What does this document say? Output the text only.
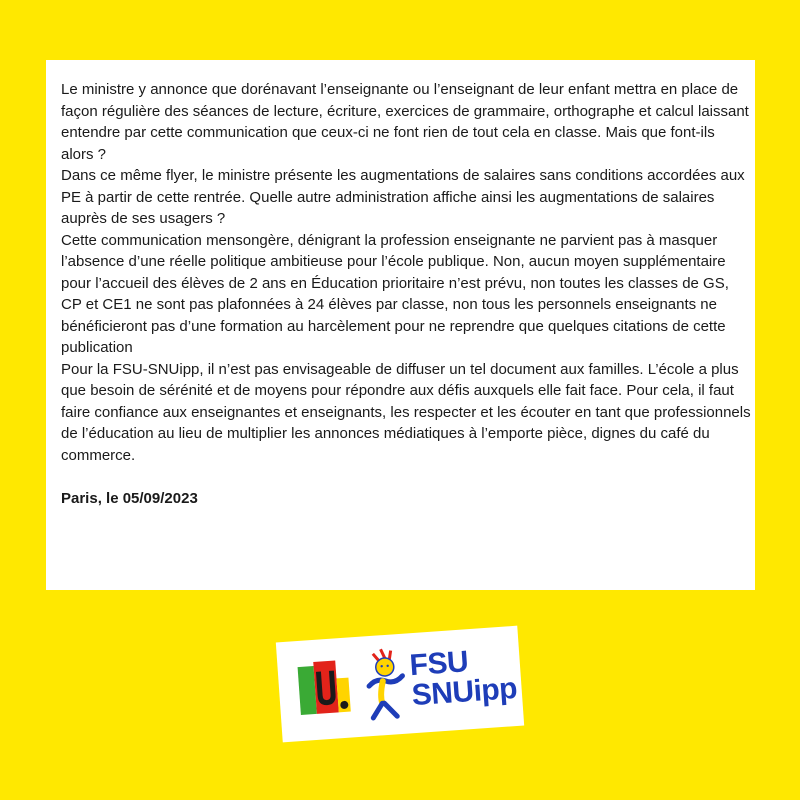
Le ministre y annonce que dorénavant l’enseignante ou l’enseignant de leur enfant mettra en place de façon régulière des séances de lecture, écriture, exercices de grammaire, orthographe et calcul laissant entendre par cette communication que ceux-ci ne font rien de tout cela en classe. Mais que font-ils alors ?

Dans ce même flyer, le ministre présente les augmentations de salaires sans conditions accordées aux PE à partir de cette rentrée. Quelle autre administration affiche ainsi les augmentations de salaires auprès de ses usagers ?

Cette communication mensongère, dénigrant la profession enseignante ne parvient pas à masquer l’absence d’une réelle politique ambitieuse pour l’école publique. Non, aucun moyen supplémentaire pour l’accueil des élèves de 2 ans en Éducation prioritaire n’est prévu, non toutes les classes de GS, CP et CE1 ne sont pas plafonnées à 24 élèves par classe, non tous les personnels enseignants ne bénéficieront pas d’une formation au harcèlement pour ne reprendre que quelques citations de cette publication

Pour la FSU-SNUipp, il n’est pas envisageable de diffuser un tel document aux familles. L’école a plus que besoin de sérénité et de moyens pour répondre aux défis auxquels elle fait face. Pour cela, il faut faire confiance aux enseignantes et enseignants, les respecter et les écouter en tant que professionnels de l’éducation au lieu de multiplier les annonces médiatiques à l’emporte pièce, dignes du café du commerce.

Paris, le 05/09/2023
FSU
SNUipp
